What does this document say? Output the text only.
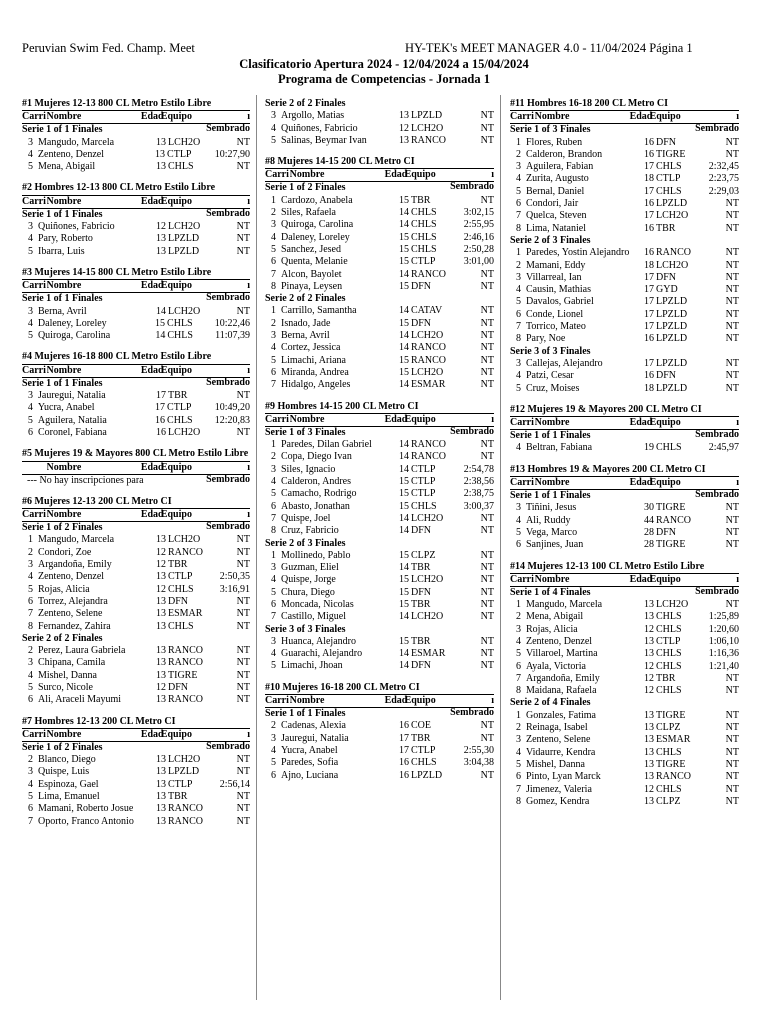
Peruvian Swim Fed. Champ. Meet	HY-TEK's MEET MANAGER 4.0 - 11/04/2024 Página 1
Clasificatorio Apertura 2024 - 12/04/2024 a 15/04/2024
Programa de Competencias - Jornada 1
#1 Mujeres 12-13 800 CL Metro Estilo Libre
Carri Nombre	Edad
Equipo	ı Sembrado
Serie 1 of 1 Finales
3 Mangudo, Marcela	13 LCH2O	NT
4 Zenteno, Denzel	13 CTLP	10:27,90
5 Mena, Abigail	13 CHLS	NT
#2 Hombres 12-13 800 CL Metro Estilo Libre
Carri Nombre	Edad
Equipo	ı Sembrado
Serie 1 of 1 Finales
3 Quiñones, Fabricio	12 LCH2O	NT
4 Pary, Roberto	13 LPZLD	NT
5 Ibarra, Luis	13 LPZLD	NT
#3 Mujeres 14-15 800 CL Metro Estilo Libre
Carri Nombre	Edad
Equipo	ı Sembrado
Serie 1 of 1 Finales
3 Berna, Avril	14 LCH2O	NT
4 Daleney, Loreley	15 CHLS	10:22,46
5 Quiroga, Carolina	14 CHLS	11:07,39
#4 Mujeres 16-18 800 CL Metro Estilo Libre
Carri Nombre	Edad
Equipo	ı Sembrado
Serie 1 of 1 Finales
3 Jauregui, Natalia	17 TBR	NT
4 Yucra, Anabel	17 CTLP	10:49,20
5 Aguilera, Natalia	16 CHLS	12:20,83
6 Coronel, Fabiana	16 LCH2O	NT
#5 Mujeres 19 & Mayores 800 CL Metro Estilo Libre
Nombre	Edad
Equipo	ı Sembrado
--- No hay inscripciones para
#6 Mujeres 12-13 200 CL Metro CI
Carri Nombre	Edad
Equipo	ı Sembrado
Serie 1 of 2 Finales
1 Mangudo, Marcela	13 LCH2O	NT
2 Condori, Zoe	12 RANCO	NT
3 Argandoña, Emily	12 TBR	NT
4 Zenteno, Denzel	13 CTLP	2:50,35
5 Rojas, Alicia	12 CHLS	3:16,91
6 Torrez, Alejandra	13 DFN	NT
7 Zenteno, Selene	13 ESMAR	NT
8 Fernandez, Zahira	13 CHLS	NT
Serie 2 of 2 Finales
2 Perez, Laura Gabriela	13 RANCO	NT
3 Chipana, Camila	13 RANCO	NT
4 Mishel, Danna	13 TIGRE	NT
5 Surco, Nicole	12 DFN	NT
6 Ali, Araceli Mayumi	13 RANCO	NT
#7 Hombres 12-13 200 CL Metro CI
Carri Nombre	Edad
Equipo	ı Sembrado
Serie 1 of 2 Finales
2 Blanco, Diego	13 LCH2O	NT
3 Quispe, Luis	13 LPZLD	NT
4 Espinoza, Gael	13 CTLP	2:56,14
5 Lima, Emanuel	13 TBR	NT
6 Mamani, Roberto Josue	13 RANCO	NT
7 Oporto, Franco Antonio	13 RANCO	NT
Serie 2 of 2 Finales
3 Argollo, Matias	13 LPZLD	NT
4 Quiñones, Fabricio	12 LCH2O	NT
5 Salinas, Beymar Ivan	13 RANCO	NT
#8 Mujeres 14-15 200 CL Metro CI
Carri Nombre	Edad
Equipo	ı Sembrado
Serie 1 of 2 Finales
1 Cardozo, Anabela	15 TBR	NT
2 Siles, Rafaela	14 CHLS	3:02,15
3 Quiroga, Carolina	14 CHLS	2:55,95
4 Daleney, Loreley	15 CHLS	2:46,16
5 Sanchez, Jesed	15 CHLS	2:50,28
6 Quenta, Melanie	15 CTLP	3:01,00
7 Alcon, Bayolet	14 RANCO	NT
8 Pinaya, Leysen	15 DFN	NT
Serie 2 of 2 Finales
1 Carrillo, Samantha	14 CATAV	NT
2 Isnado, Jade	15 DFN	NT
3 Berna, Avril	14 LCH2O	NT
4 Cortez, Jessica	14 RANCO	NT
5 Limachi, Ariana	15 RANCO	NT
6 Miranda, Andrea	15 LCH2O	NT
7 Hidalgo, Angeles	14 ESMAR	NT
#9 Hombres 14-15 200 CL Metro CI
Carri Nombre	Edad
Equipo	ı Sembrado
Serie 1 of 3 Finales
1 Paredes, Dilan Gabriel	14 RANCO	NT
2 Copa, Diego Ivan	14 RANCO	NT
3 Siles, Ignacio	14 CTLP	2:54,78
4 Calderon, Andres	15 CTLP	2:38,56
5 Camacho, Rodrigo	15 CTLP	2:38,75
6 Abasto, Jonathan	15 CHLS	3:00,37
7 Quispe, Joel	14 LCH2O	NT
8 Cruz, Fabricio	14 DFN	NT
Serie 2 of 3 Finales
1 Mollinedo, Pablo	15 CLPZ	NT
3 Guzman, Eliel	14 TBR	NT
4 Quispe, Jorge	15 LCH2O	NT
5 Chura, Diego	15 DFN	NT
6 Moncada, Nicolas	15 TBR	NT
7 Castillo, Miguel	14 LCH2O	NT
Serie 3 of 3 Finales
3 Huanca, Alejandro	15 TBR	NT
4 Guarachi, Alejandro	14 ESMAR	NT
5 Limachi, Jhoan	14 DFN	NT
#10 Mujeres 16-18 200 CL Metro CI
Carri Nombre	Edad
Equipo	ı Sembrado
Serie 1 of 1 Finales
2 Cadenas, Alexia	16 COE	NT
3 Jauregui, Natalia	17 TBR	NT
4 Yucra, Anabel	17 CTLP	2:55,30
5 Paredes, Sofia	16 CHLS	3:04,38
6 Ajno, Luciana	16 LPZLD	NT
#11 Hombres 16-18 200 CL Metro CI
Carri Nombre	Edad
Equipo	ı Sembrado
Serie 1 of 3 Finales
1 Flores, Ruben	16 DFN	NT
2 Calderon, Brandon	16 TIGRE	NT
3 Aguilera, Fabian	17 CHLS	2:32,45
4 Zurita, Augusto	18 CTLP	2:23,75
5 Bernal, Daniel	17 CHLS	2:29,03
6 Condori, Jair	16 LPZLD	NT
7 Quelca, Steven	17 LCH2O	NT
8 Lima, Nataniel	16 TBR	NT
Serie 2 of 3 Finales
1 Paredes, Yostin Alejandro	16 RANCO	NT
2 Mamani, Eddy	18 LCH2O	NT
3 Villarreal, Ian	17 DFN	NT
4 Causin, Mathias	17 GYD	NT
5 Davalos, Gabriel	17 LPZLD	NT
6 Conde, Lionel	17 LPZLD	NT
7 Torrico, Mateo	17 LPZLD	NT
8 Pary, Noe	16 LPZLD	NT
Serie 3 of 3 Finales
3 Callejas, Alejandro	17 LPZLD	NT
4 Patzi, Cesar	16 DFN	NT
5 Cruz, Moises	18 LPZLD	NT
#12 Mujeres 19 & Mayores 200 CL Metro CI
Carri Nombre	Edad
Equipo	ı Sembrado
Serie 1 of 1 Finales
4 Beltran, Fabiana	19 CHLS	2:45,97
#13 Hombres 19 & Mayores 200 CL Metro CI
Carri Nombre	Edad
Equipo	ı Sembrado
Serie 1 of 1 Finales
3 Tiñini, Jesus	30 TIGRE	NT
4 Ali, Ruddy	44 RANCO	NT
5 Vega, Marco	28 DFN	NT
6 Sanjines, Juan	28 TIGRE	NT
#14 Mujeres 12-13 100 CL Metro Estilo Libre
Carri Nombre	Edad
Equipo	ı Sembrado
Serie 1 of 4 Finales
1 Mangudo, Marcela	13 LCH2O	NT
2 Mena, Abigail	13 CHLS	1:25,89
3 Rojas, Alicia	12 CHLS	1:20,60
4 Zenteno, Denzel	13 CTLP	1:06,10
5 Villaroel, Martina	13 CHLS	1:16,36
6 Ayala, Victoria	12 CHLS	1:21,40
7 Argandoña, Emily	12 TBR	NT
8 Maidana, Rafaela	12 CHLS	NT
Serie 2 of 4 Finales
1 Gonzales, Fatima	13 TIGRE	NT
2 Reinaga, Isabel	13 CLPZ	NT
3 Zenteno, Selene	13 ESMAR	NT
4 Vidaurre, Kendra	13 CHLS	NT
5 Mishel, Danna	13 TIGRE	NT
6 Pinto, Lyan Marck	13 RANCO	NT
7 Jimenez, Valeria	12 CHLS	NT
8 Gomez, Kendra	13 CLPZ	NT
